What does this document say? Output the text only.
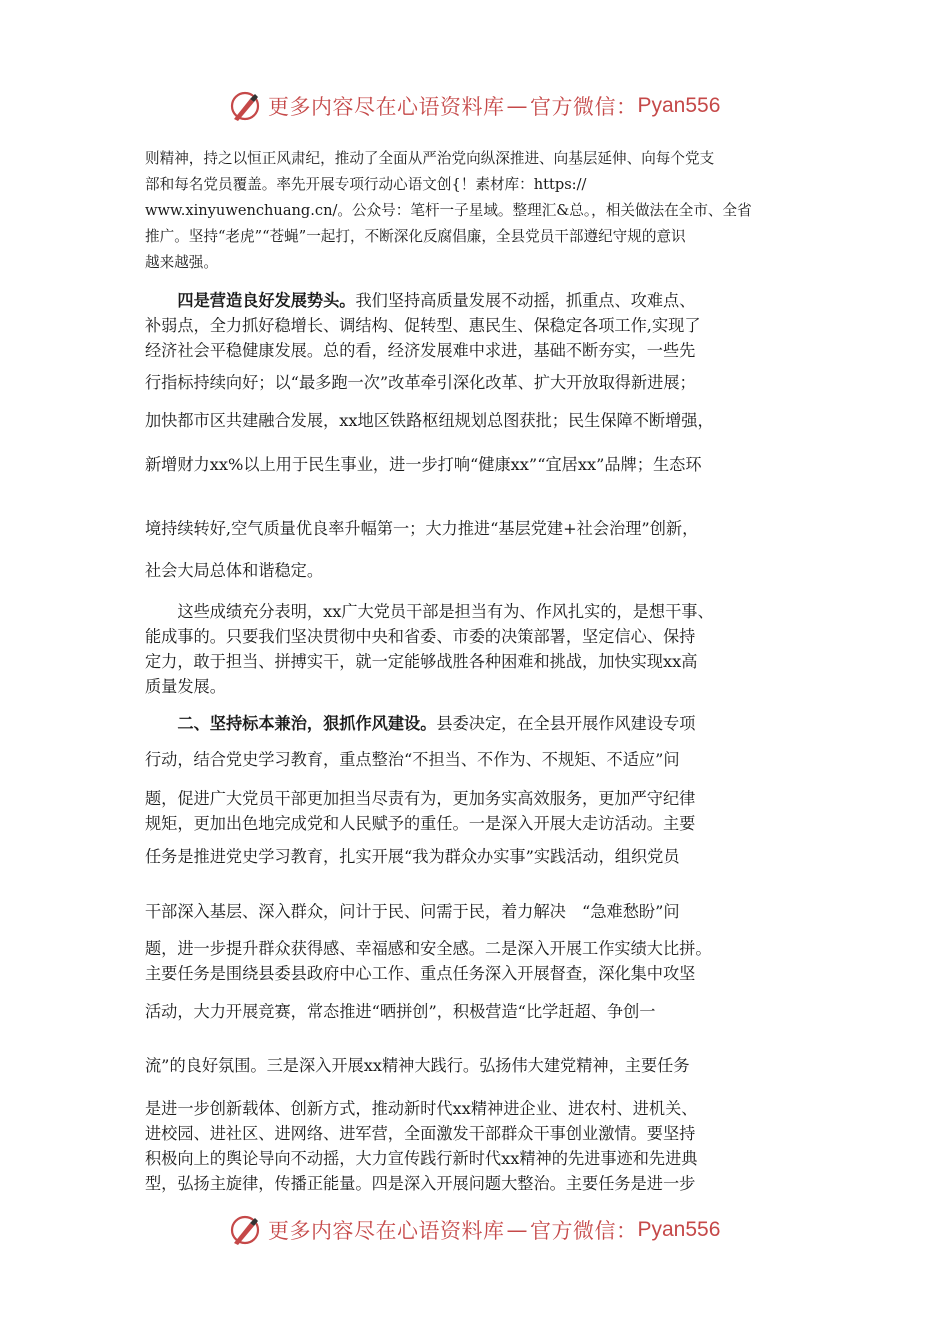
更多内容尽在心语资料库 — 官方微信： Pyan556
则精神，持之以恒正风肃纪，推动了全面从严治党向纵深推进、向基层延伸、向每个党支
部和每名党员覆盖。率先开展专项行动心语文创{！素材库：https://
www.xinyuwenchuang.cn/。公众号：笔杆一子星域。整理汇&总。，相关做法在全市、全省
推广。坚持“老虎”“苍蝇”一起打，不断深化反腐倡廉，全县党员干部遵纪守规的意识
越来越强。
四是营造良好发展势头。我们坚持高质量发展不动摇，抓重点、攻难点、
补弱点，全力抓好稳增长、调结构、促转型、惠民生、保稳定各项工作,实现了
经济社会平稳健康发展。总的看，经济发展难中求进，基础不断夯实，一些先
行指标持续向好；以“最多跑一次”改革牵引深化改革、扩大开放取得新进展；
加快都市区共建融合发展，xx地区铁路枢纽规划总图获批；民生保障不断增强，
新增财力xx%以上用于民生事业，进一步打响“健康xx”“宜居xx”品牌；生态环
境持续转好,空气质量优良率升幅第一；大力推进“基层党建+社会治理”创新，
社会大局总体和谐稳定。
这些成绩充分表明，xx广大党员干部是担当有为、作风扎实的，是想干事、
能成事的。只要我们坚决贯彻中央和省委、市委的决策部署，坚定信心、保持
定力，敢于担当、拼搏实干，就一定能够战胜各种困难和挑战，加快实现xx高
质量发展。
二、坚持标本兼治，狠抓作风建设。县委决定，在全县开展作风建设专项
行动，结合党史学习教育，重点整治“不担当、不作为、不规矩、不适应”问
题，促进广大党员干部更加担当尽责有为，更加务实高效服务，更加严守纪律
规矩，更加出色地完成党和人民赋予的重任。一是深入开展大走访活动。主要
任务是推进党史学习教育，扎实开展“我为群众办实事”实践活动，组织党员
干部深入基层、深入群众，问计于民、问需于民，着力解决　“急难愁盼”问
题，进一步提升群众获得感、幸福感和安全感。二是深入开展工作实绩大比拼。
主要任务是围绕县委县政府中心工作、重点任务深入开展督查，深化集中攻坚
活动，大力开展竞赛，常态推进“晒拼创”，积极营造“比学赶超、争创一
流”的良好氛围。三是深入开展xx精神大践行。弘扬伟大建党精神，主要任务
是进一步创新载体、创新方式，推动新时代xx精神进企业、进农村、进机关、
进校园、进社区、进网络、进军营，全面激发干部群众干事创业激情。要坚持
积极向上的舆论导向不动摇，大力宣传践行新时代xx精神的先进事迹和先进典
型，弘扬主旋律，传播正能量。四是深入开展问题大整治。主要任务是进一步
更多内容尽在心语资料库 — 官方微信： Pyan556
